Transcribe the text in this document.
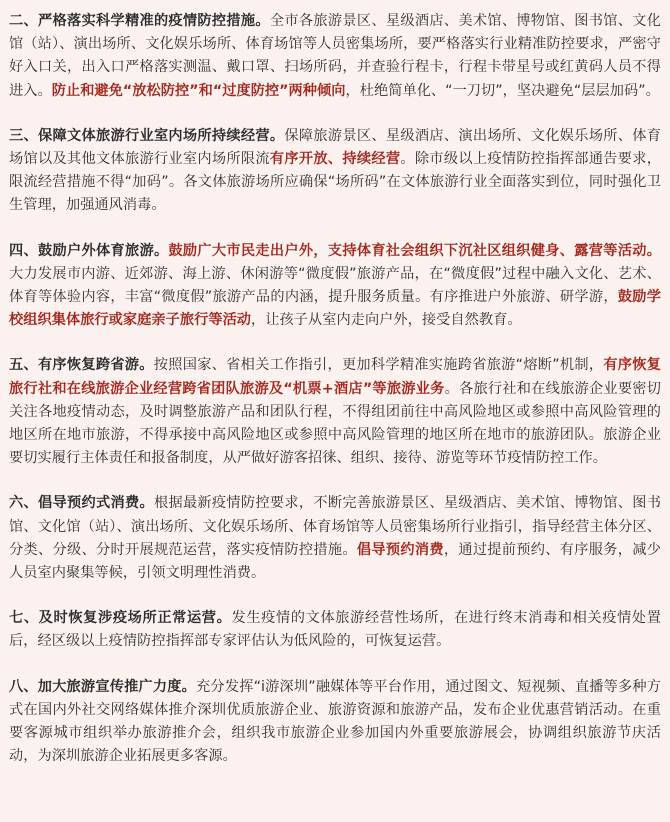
二、严格落实科学精准的疫情防控措施。全市各旅游景区、星级酒店、美术馆、博物馆、图书馆、文化馆（站）、演出场所、文化娱乐场所、体育场馆等人员密集场所，要严格落实行业精准防控要求，严密守好入口关，出入口严格落实测温、戴口罩、扫场所码，并查验行程卡，行程卡带星号或红黄码人员不得进入。防止和避免“放松防控”和“过度防控”两种倾向，杜绝简单化、“一刀切”，坚决避免“层层加码”。

三、保障文体旅游行业室内场所持续经营。保障旅游景区、星级酒店、演出场所、文化娱乐场所、体育场馆以及其他文体旅游行业室内场所限流有序开放、持续经营。除市级以上疫情防控指挥部通告要求，限流经营措施不得“加码”。各文体旅游场所应确保“场所码”在文体旅游行业全面落实到位，同时强化卫生管理，加强通风消毒。

四、鼓励户外体育旅游。鼓励广大市民走出户外，支持体育社会组织下沉社区组织健身、露营等活动。大力发展市内游、近郊游、海上游、休闲游等“微度假”旅游产品，在“微度假”过程中融入文化、艺术、体育等体验内容，丰富“微度假”旅游产品的内涵，提升服务质量。有序推进户外旅游、研学游，鼓励学校组织集体旅行或家庭亲子旅行等活动，让孩子从室内走向户外，接受自然教育。

五、有序恢复跨省游。按照国家、省相关工作指引，更加科学精准实施跨省旅游“熔断”机制，有序恢复旅行社和在线旅游企业经营跨省团队旅游及“机票+酒店”等旅游业务。各旅行社和在线旅游企业要密切关注各地疫情动态，及时调整旅游产品和团队行程，不得组团前往中高风险地区或参照中高风险管理的地区所在地市旅游，不得承接中高风险地区或参照中高风险管理的地区所在地市的旅游团队。旅游企业要切实履行主体责任和报备制度，从严做好游客招徕、组织、接待、游览等环节疫情防控工作。

六、倡导预约式消费。根据最新疫情防控要求，不断完善旅游景区、星级酒店、美术馆、博物馆、图书馆、文化馆（站）、演出场所、文化娱乐场所、体育场馆等人员密集场所行业指引，指导经营主体分区、分类、分级、分时开展规范运营，落实疫情防控措施。倡导预约消费，通过提前预约、有序服务，减少人员室内聚集等候，引领文明理性消费。

七、及时恢复涉疫场所正常运营。发生疫情的文体旅游经营性场所，在进行终末消毒和相关疫情处置后，经区级以上疫情防控指挥部专家评估认为低风险的，可恢复运营。

八、加大旅游宣传推广力度。充分发挥“i游深圳”融媒体等平台作用，通过图文、短视频、直播等多种方式在国内外社交网络媒体推介深圳优质旅游企业、旅游资源和旅游产品，发布企业优惠营销活动。在重要客源城市组织举办旅游推介会，组织我市旅游企业参加国内外重要旅游展会，协调组织旅游节庆活动，为深圳旅游企业拓展更多客源。
